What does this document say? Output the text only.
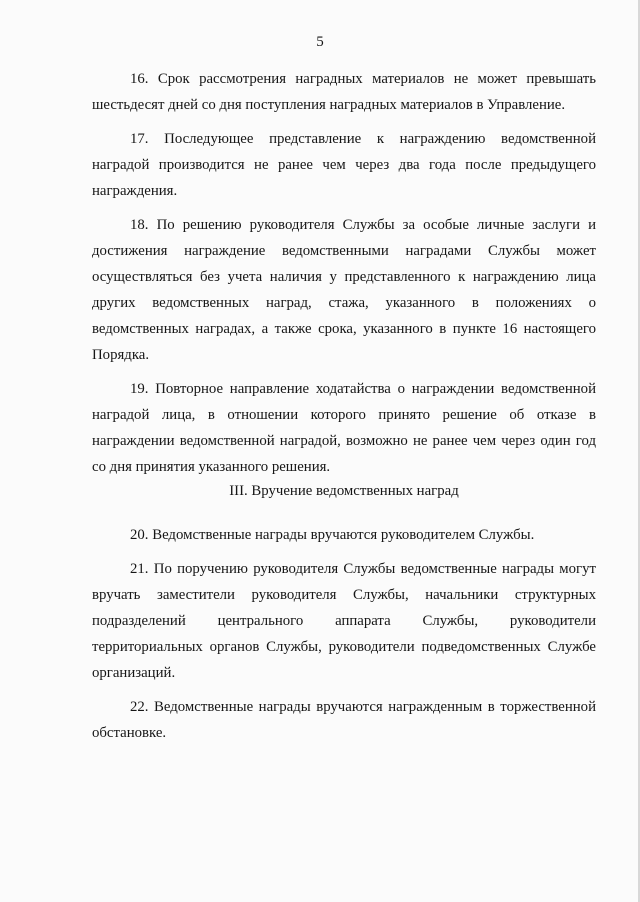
5

16. Срок рассмотрения наградных материалов не может превышать шестьдесят дней со дня поступления наградных материалов в Управление.

17. Последующее представление к награждению ведомственной наградой производится не ранее чем через два года после предыдущего награждения.

18. По решению руководителя Службы за особые личные заслуги и достижения награждение ведомственными наградами Службы может осуществляться без учета наличия у представленного к награждению лица других ведомственных наград, стажа, указанного в положениях о ведомственных наградах, а также срока, указанного в пункте 16 настоящего Порядка.

19. Повторное направление ходатайства о награждении ведомственной наградой лица, в отношении которого принято решение об отказе в награждении ведомственной наградой, возможно не ранее чем через один год со дня принятия указанного решения.

III. Вручение ведомственных наград

20. Ведомственные награды вручаются руководителем Службы.

21. По поручению руководителя Службы ведомственные награды могут вручать заместители руководителя Службы, начальники структурных подразделений центрального аппарата Службы, руководители территориальных органов Службы, руководители подведомственных Службе организаций.

22. Ведомственные награды вручаются награжденным в торжественной обстановке.
